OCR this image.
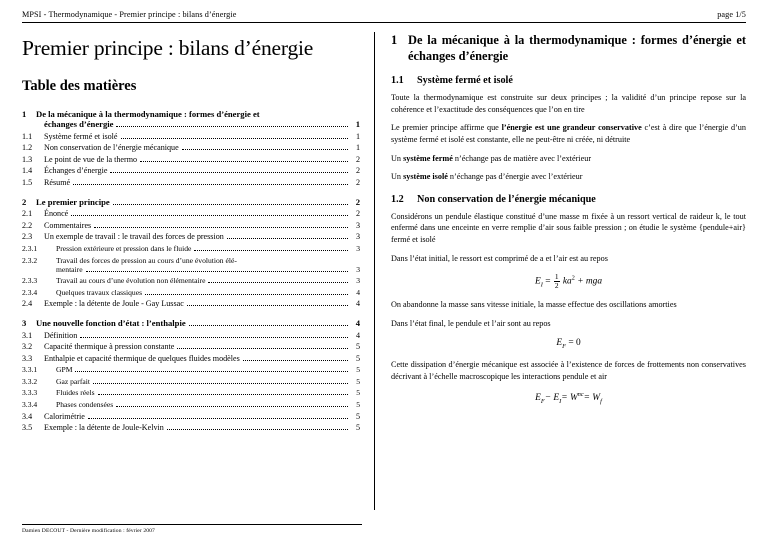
MPSI - Thermodynamique - Premier principe : bilans d’énergie	page 1/5
Premier principe : bilans d’énergie
Table des matières
1	De la mécanique à la thermodynamique : formes d’énergie et
échanges d’énergie	1
1.1	Système fermé et isolé	1
1.2	Non conservation de l’énergie mécanique	1
1.3	Le point de vue de la thermo	2
1.4	Échanges d’énergie	2
1.5	Résumé	2
2	Le premier principe	2
2.1	Énoncé	2
2.2	Commentaires	3
2.3	Un exemple de travail : le travail des forces de pression	3
2.3.1	Pression extérieure et pression dans le fluide	3
2.3.2	Travail des forces de pression au cours d’une évolution élé-
mentaire	3
2.3.3	Travail au cours d’une évolution non élémentaire	3
2.3.4	Quelques travaux classiques	4
2.4	Exemple : la détente de Joule - Gay Lussac	4
3	Une nouvelle fonction d’état : l’enthalpie	4
3.1	Définition	4
3.2	Capacité thermique à pression constante	5
3.3	Enthalpie et capacité thermique de quelques fluides modèles	5
3.3.1	GPM	5
3.3.2	Gaz parfait	5
3.3.3	Fluides réels	5
3.3.4	Phases condensées	5
3.4	Calorimétrie	5
3.5	Exemple : la détente de Joule-Kelvin	5
1 De la mécanique à la thermodynamique : formes d’énergie et échanges d’énergie
1.1	Système fermé et isolé

Toute la thermodynamique est construite sur deux principes ; la validité d’un principe repose sur la cohérence et l’exactitude des conséquences que l’on en tire

Le premier principe affirme que l’énergie est une grandeur conservative c’est à dire que l’énergie d’un système fermé et isolé est constante, elle ne peut-être ni créée, ni détruite

Un système fermé n’échange pas de matière avec l’extérieur

Un système isolé n’échange pas d’énergie avec l’extérieur

1.2	Non conservation de l’énergie mécanique

Considérons un pendule élastique constitué d’une masse m fixée à un ressort vertical de raideur k, le tout enfermé dans une enceinte en verre remplie d’air sous faible pression ; on étudie le système {pendule+air} fermé et isolé

Dans l’état initial, le ressort est comprimé de a et l’air est au repos

$E_I = \frac{1}{2} ka^2$ + mga

On abandonne la masse sans vitesse initiale, la masse effectue des oscillations amorties

Dans l’état final, le pendule et l’air sont au repos

$E_F = 0$

Cette dissipation d’énergie mécanique est associée à l’existence de forces de frottements non conservatives décrivant à l’échelle macroscopique les interactions pendule et air

$E_F- E_I= W^{nc}= W_f$
Damien DECOUT - Dernière modification : février 2007
